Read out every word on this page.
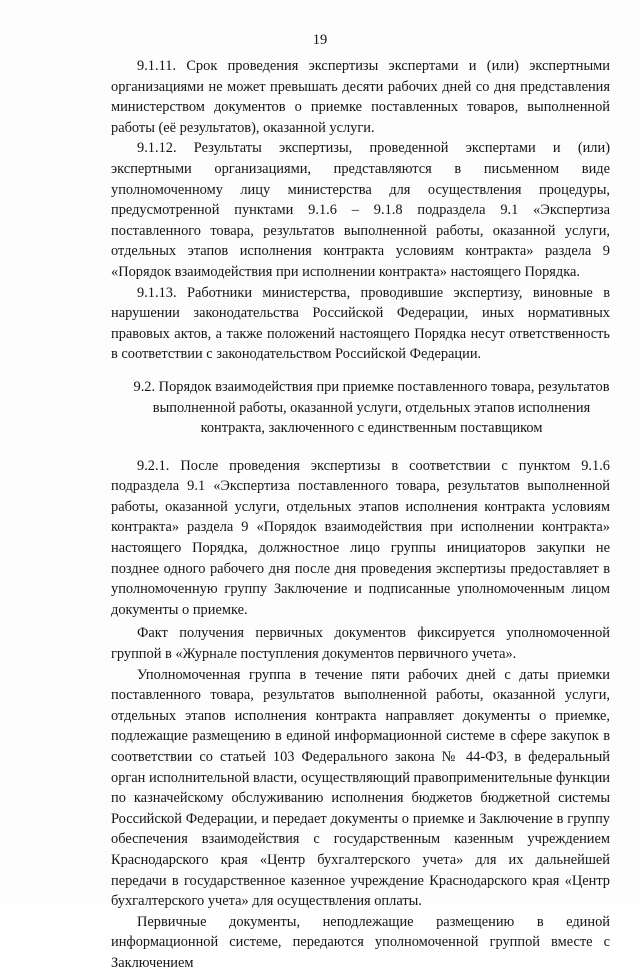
19

9.1.11. Срок проведения экспертизы экспертами и (или) экспертными организациями не может превышать десяти рабочих дней со дня представления министерством документов о приемке поставленных товаров, выполненной работы (её результатов), оказанной услуги.

9.1.12. Результаты экспертизы, проведенной экспертами и (или) экспертными организациями, представляются в письменном виде уполномоченному лицу министерства для осуществления процедуры, предусмотренной пунктами 9.1.6 – 9.1.8 подраздела 9.1 «Экспертиза поставленного товара, результатов выполненной работы, оказанной услуги, отдельных этапов исполнения контракта условиям контракта» раздела 9 «Порядок взаимодействия при исполнении контракта» настоящего Порядка.

9.1.13. Работники министерства, проводившие экспертизу, виновные в нарушении законодательства Российской Федерации, иных нормативных правовых актов, а также положений настоящего Порядка несут ответственность в соответствии с законодательством Российской Федерации.

9.2. Порядок взаимодействия при приемке поставленного товара, результатов выполненной работы, оказанной услуги, отдельных этапов исполнения контракта, заключенного с единственным поставщиком

9.2.1. После проведения экспертизы в соответствии с пунктом 9.1.6 подраздела 9.1 «Экспертиза поставленного товара, результатов выполненной работы, оказанной услуги, отдельных этапов исполнения контракта условиям контракта» раздела 9 «Порядок взаимодействия при исполнении контракта» настоящего Порядка, должностное лицо группы инициаторов закупки не позднее одного рабочего дня после дня проведения экспертизы предоставляет в уполномоченную группу Заключение и подписанные уполномоченным лицом документы о приемке.

Факт получения первичных документов фиксируется уполномоченной группой в «Журнале поступления документов первичного учета».

Уполномоченная группа в течение пяти рабочих дней с даты приемки поставленного товара, результатов выполненной работы, оказанной услуги, отдельных этапов исполнения контракта направляет документы о приемке, подлежащие размещению в единой информационной системе в сфере закупок в соответствии со статьей 103 Федерального закона № 44-ФЗ, в федеральный орган исполнительной власти, осуществляющий правоприменительные функции по казначейскому обслуживанию исполнения бюджетов бюджетной системы Российской Федерации, и передает документы о приемке и Заключение в группу обеспечения взаимодействия с государственным казенным учреждением Краснодарского края «Центр бухгалтерского учета» для их дальнейшей передачи в государственное казенное учреждение Краснодарского края «Центр бухгалтерского учета» для осуществления оплаты.

Первичные документы, неподлежащие размещению в единой информационной системе, передаются уполномоченной группой вместе с Заключением
